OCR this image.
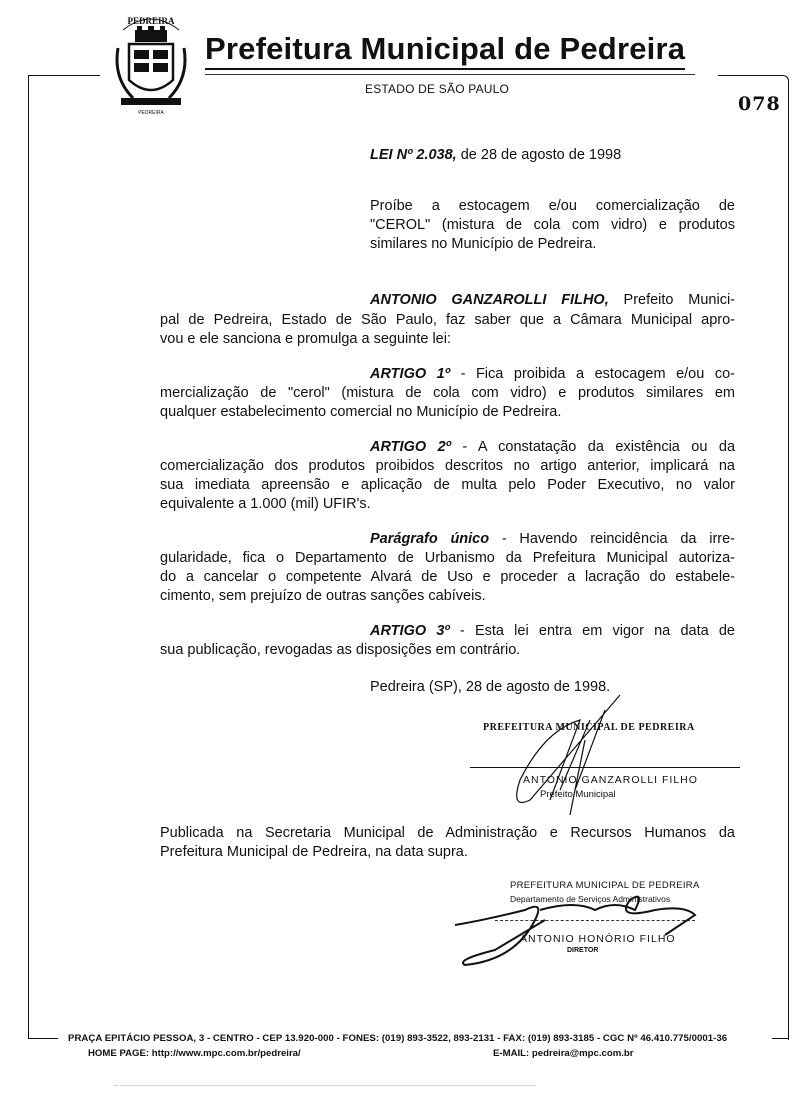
PEDREIRA
PEDREIRA
Prefeitura Municipal de Pedreira
ESTADO DE SÃO PAULO
078
LEI Nº 2.038, de 28 de agosto de 1998
Proíbe a estocagem e/ou comercialização de
"CEROL" (mistura de cola com vidro) e produtos
similares no Município de Pedreira.
ANTONIO GANZAROLLI FILHO, Prefeito Munici-
pal de Pedreira, Estado de São Paulo, faz saber que a Câmara Municipal apro-
vou e ele sanciona e promulga a seguinte lei:
ARTIGO 1º - Fica proibida a estocagem e/ou co-
mercialização de "cerol" (mistura de cola com vidro) e produtos similares em
qualquer estabelecimento comercial no Município de Pedreira.
ARTIGO 2º - A constatação da existência ou da
comercialização dos produtos proibidos descritos no artigo anterior, implicará na
sua imediata apreensão e aplicação de multa pelo Poder Executivo, no valor
equivalente a 1.000 (mil) UFIR's.
Parágrafo único - Havendo reincidência da irre-
gularidade, fica o Departamento de Urbanismo da Prefeitura Municipal autoriza-
do a cancelar o competente Alvará de Uso e proceder a lacração do estabele-
cimento, sem prejuízo de outras sanções cabíveis.
ARTIGO 3º - Esta lei entra em vigor na data de
sua publicação, revogadas as disposições em contrário.
Pedreira (SP), 28 de agosto de 1998.
PREFEITURA MUNICIPAL DE PEDREIRA
ANTONIO GANZAROLLI FILHO
Prefeito Municipal
Publicada na Secretaria Municipal de Administração e Recursos Humanos da
Prefeitura Municipal de Pedreira, na data supra.
PREFEITURA MUNICIPAL DE PEDREIRA
Departamento de Serviços Administrativos
ANTONIO HONÓRIO FILHO
DIRETOR
PRAÇA EPITÁCIO PESSOA, 3 - CENTRO - CEP 13.920-000 - FONES: (019) 893-3522, 893-2131 - FAX: (019) 893-3185 - CGC Nº 46.410.775/0001-36
HOME PAGE: http://www.mpc.com.br/pedreira/	E-MAIL: pedreira@mpc.com.br
